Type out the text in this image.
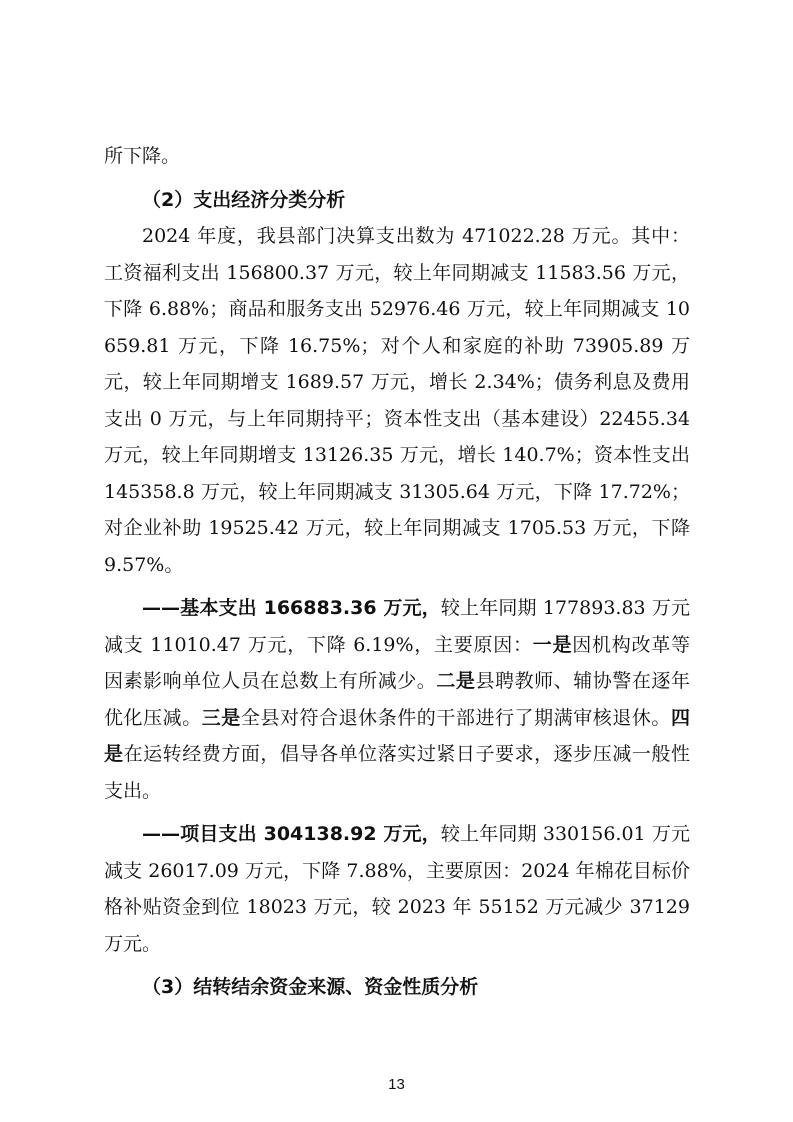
所下降。

（2）支出经济分类分析

2024 年度，我县部门决算支出数为 471022.28 万元。其中：工资福利支出 156800.37 万元，较上年同期减支 11583.56 万元，下降 6.88%；商品和服务支出 52976.46 万元，较上年同期减支 10659.81 万元，下降 16.75%；对个人和家庭的补助 73905.89 万元，较上年同期增支 1689.57 万元，增长 2.34%；债务利息及费用支出 0 万元，与上年同期持平；资本性支出（基本建设）22455.34 万元，较上年同期增支 13126.35 万元，增长 140.7%；资本性支出 145358.8 万元，较上年同期减支 31305.64 万元，下降 17.72%；对企业补助 19525.42 万元，较上年同期减支 1705.53 万元，下降 9.57%。

——基本支出 166883.36 万元，较上年同期 177893.83 万元减支 11010.47 万元，下降 6.19%，主要原因：一是因机构改革等因素影响单位人员在总数上有所减少。二是县聘教师、辅协警在逐年优化压减。三是全县对符合退休条件的干部进行了期满审核退休。四是在运转经费方面，倡导各单位落实过紧日子要求，逐步压减一般性支出。

——项目支出 304138.92 万元，较上年同期 330156.01 万元减支 26017.09 万元，下降 7.88%，主要原因：2024 年棉花目标价格补贴资金到位 18023 万元，较 2023 年 55152 万元减少 37129 万元。

（3）结转结余资金来源、资金性质分析

13
